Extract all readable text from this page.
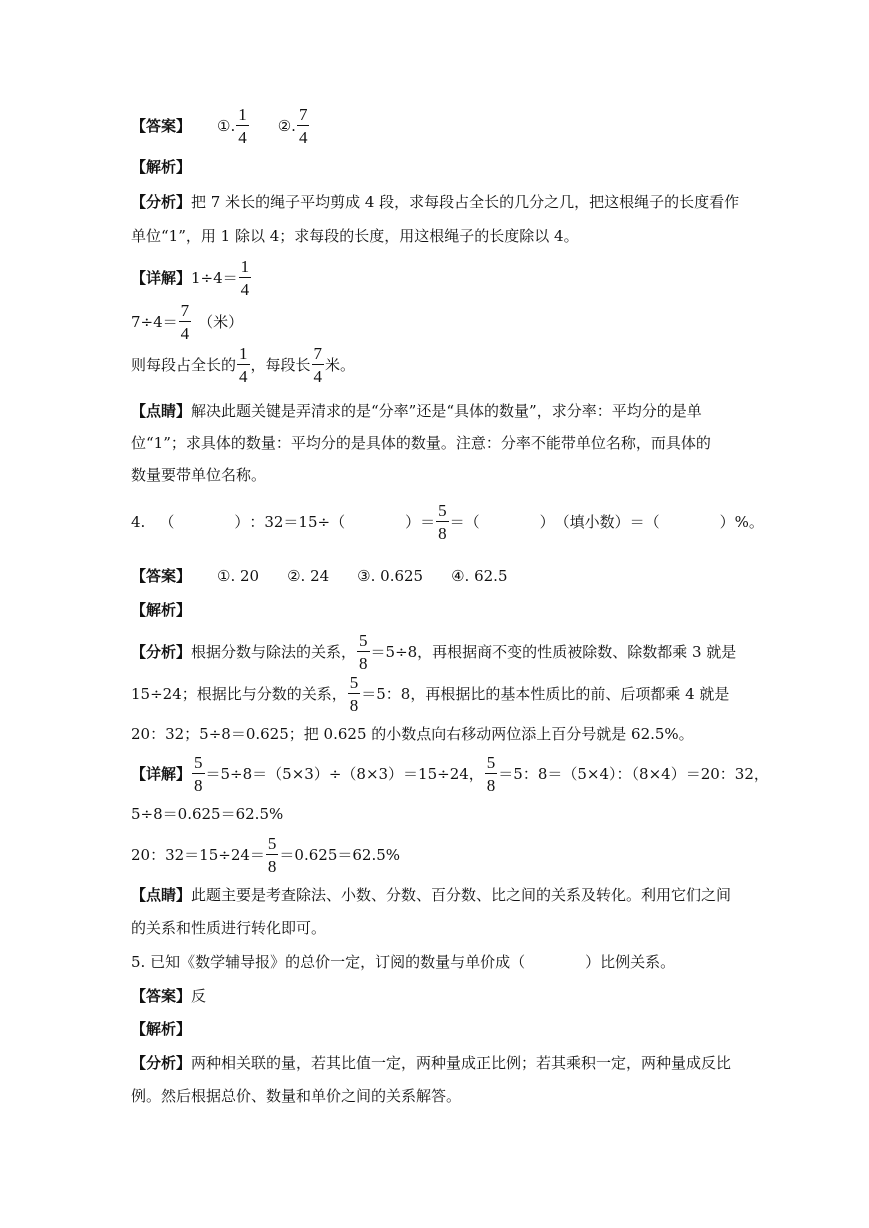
【答案】 ①. $\frac{1}{4}$ ②. $\frac{7}{4}$
【解析】
【分析】 把 7 米长的绳子平均剪成 4 段，求每段占全长的几分之几，把这根绳子的长度看作
单位“1”，用 1 除以 4；求每段的长度，用这根绳子的长度除以 4。
【详解】 $1\div 4= \frac{1}{4}$
$7\div 4= \frac{7}{4}$ （米）
则每段占全长的 $\frac{1}{4}$ ，每段长 $\frac{7}{4}$ 米。
【点睛】 解决此题关键是弄清求的是“分率”还是“具体的数量”，求分率：平均分的是单
位“1”；求具体的数量：平均分的是具体的数量。注意：分率不能带单位名称，而具体的
数量要带单位名称。
4. （　　　　） ：32＝15÷ （　　　　） ＝ $\frac{5}{8}$ ＝ （　　　　） （填小数）＝ （　　　　） %。
【答案】 ①. 20 ②. 24 ③. 0.625 ④. 62.5
【解析】
【分析】 根据分数与除法的关系， $\frac{5}{8} =5\div 8$，再根据商不变的性质被除数、除数都乘 3 就是
15÷24；根据比与分数的关系， $\frac{5}{8} =5$：8，再根据比的基本性质比的前、后项都乘 4 就是
20：32；5÷8＝0.625；把 0.625 的小数点向右移动两位添上百分号就是 62.5%。
【详解】 $\frac{5}{8} =5\div 8=(5\times 3)\div(8\times 3)=15\div 24$， $\frac{5}{8} =5$：8＝（5×4）：（8×4）＝20：32，
5÷8＝0.625＝62.5%
20：$32=15\div 24= \frac{5}{8} =0.625=62.5\%$
【点睛】 此题主要是考查除法、小数、分数、百分数、比之间的关系及转化。利用它们之间
的关系和性质进行转化即可。
5. 已知《数学辅导报》的总价一定，订阅的数量与单价成（　　　　）比例关系。
【答案】 反
【解析】
【分析】 两种相关联的量，若其比值一定，两种量成正比例；若其乘积一定，两种量成反比
例。然后根据总价、数量和单价之间的关系解答。
